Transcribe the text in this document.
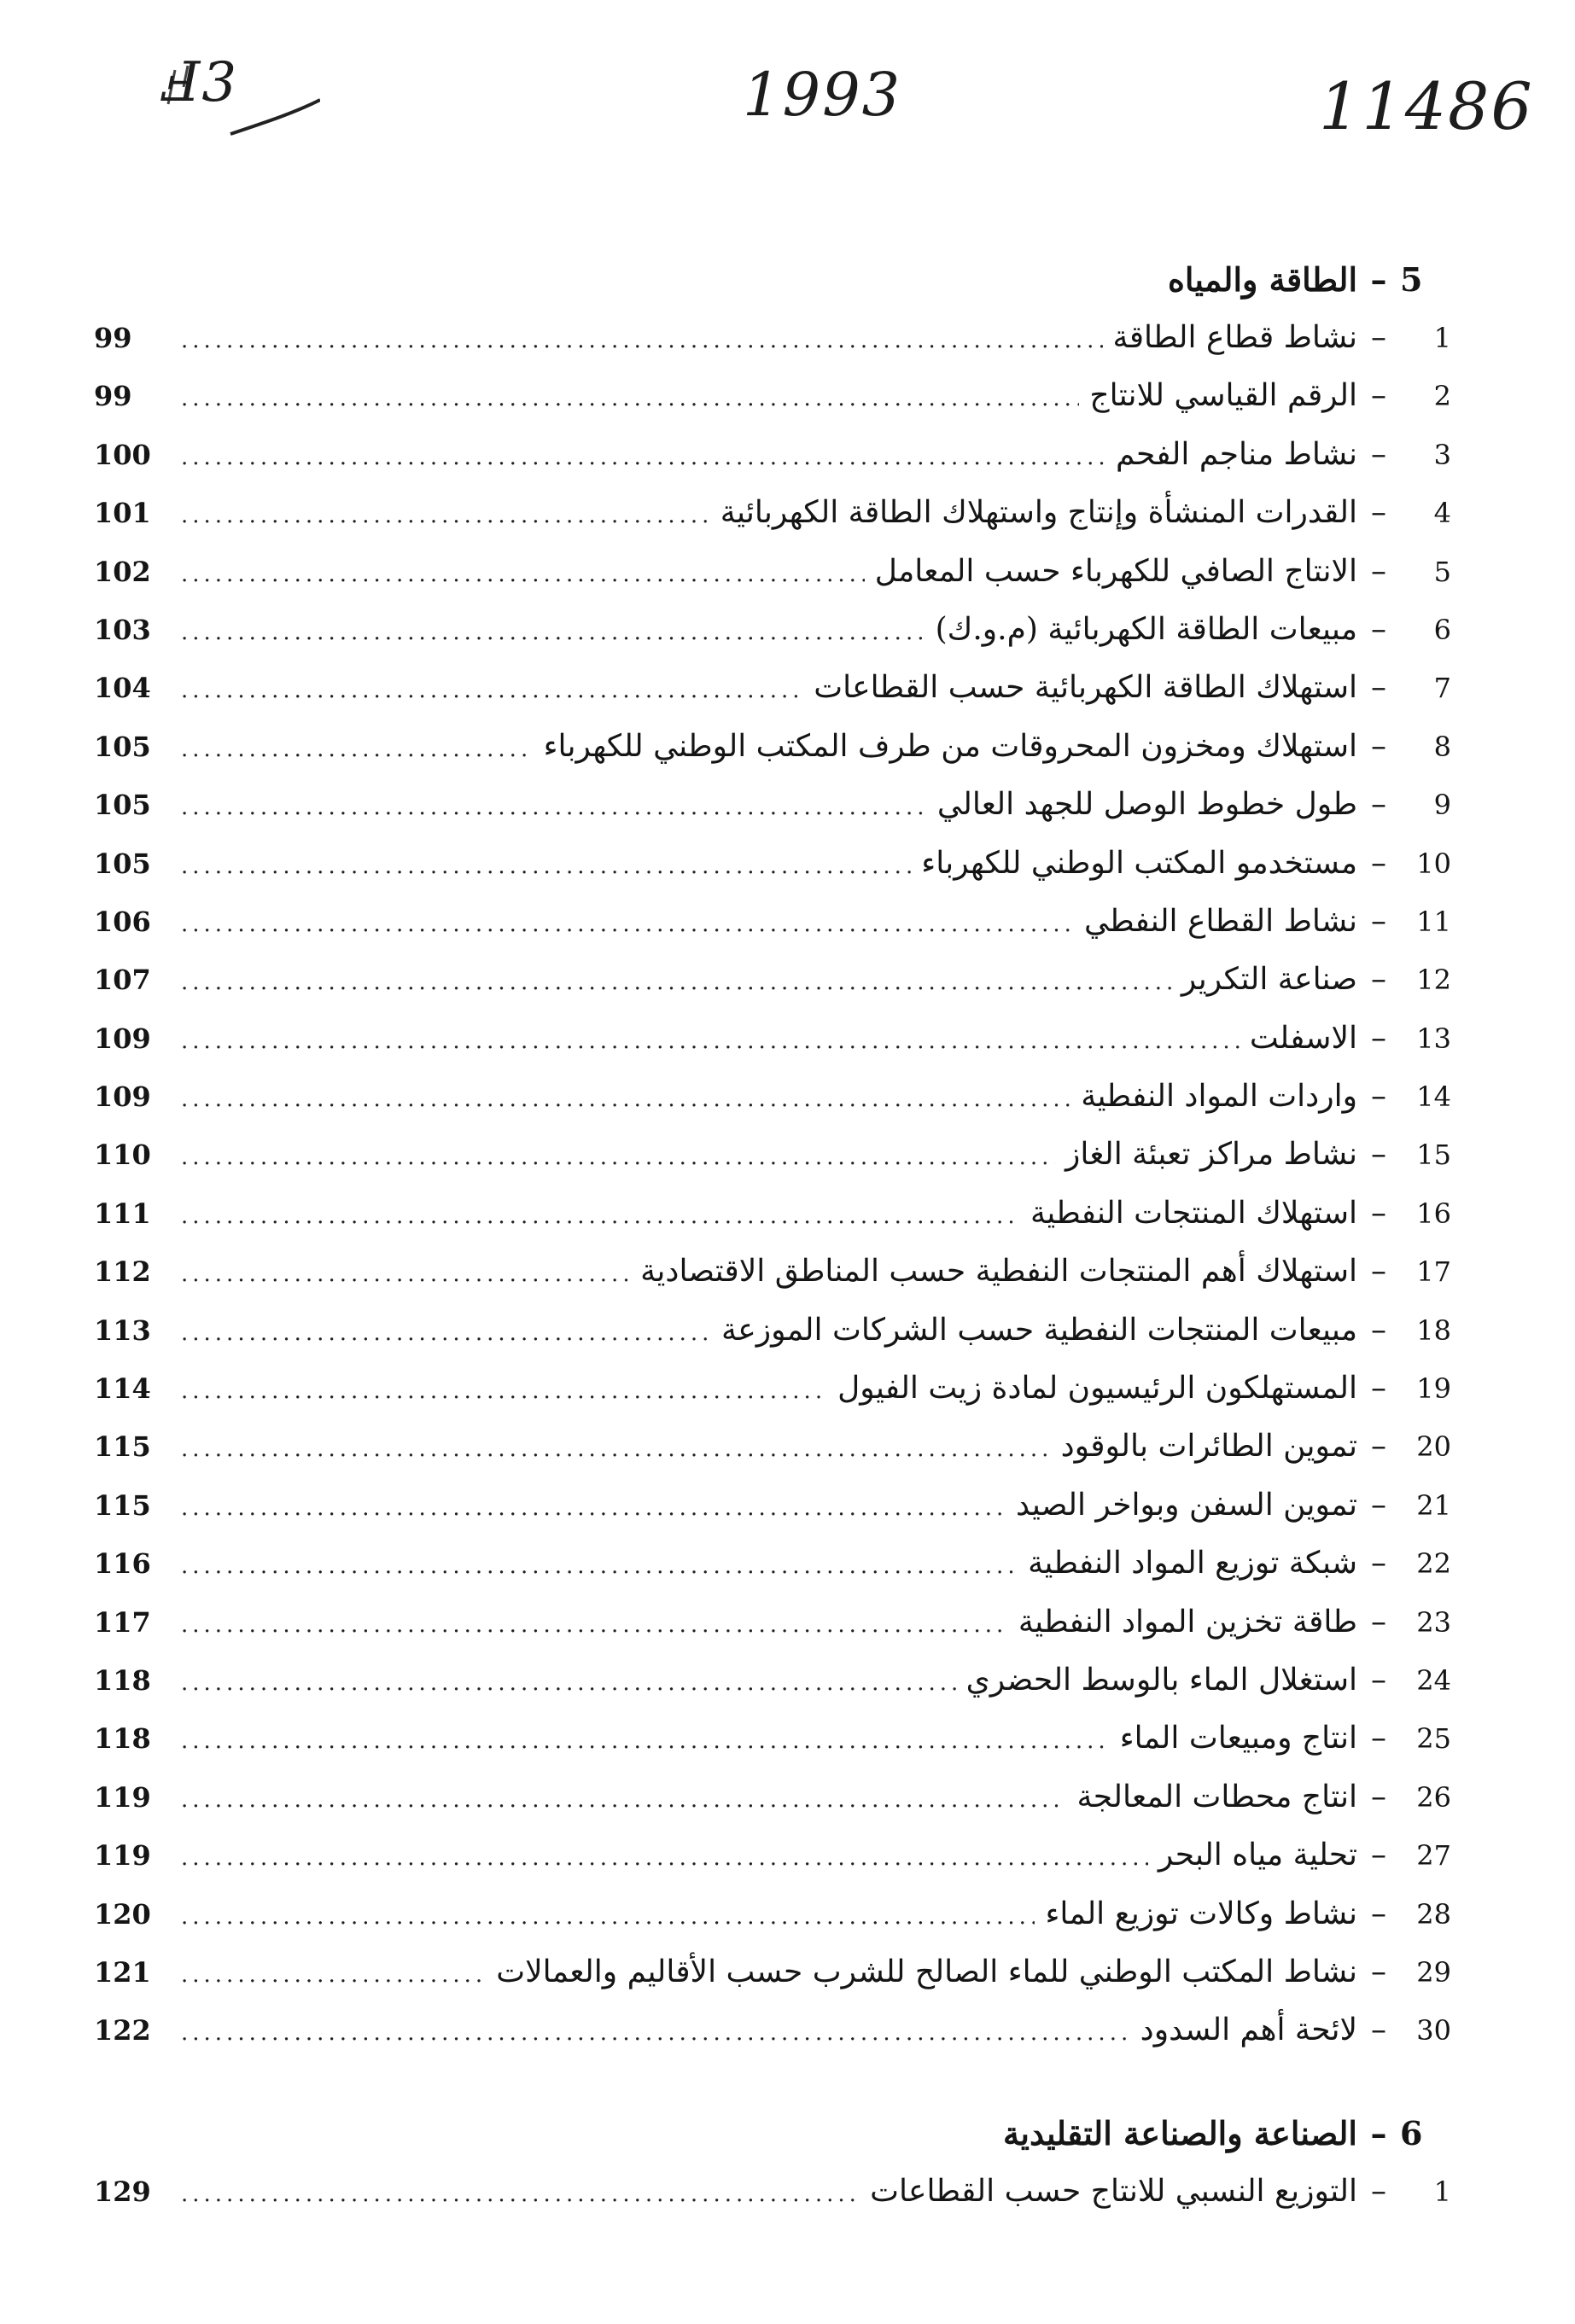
Ⅎ3	1993	11486
5
–
الطاقة والمياه
1
–
نشاط قطاع الطاقة
.....
99
2
–
الرقم القياسي للانتاج
.....
99
3
–
نشاط مناجم الفحم
.....
100
4
–
القدرات المنشأة وإنتاج واستهلاك الطاقة الكهربائية
.....
101
5
–
الانتاج الصافي للكهرباء حسب المعامل
.....
102
6
–
مبيعات الطاقة الكهربائية (م.و.ك)
.....
103
7
–
استهلاك الطاقة الكهربائية حسب القطاعات
.....
104
8
–
استهلاك ومخزون المحروقات من طرف المكتب الوطني للكهرباء
.....
105
9
–
طول خطوط الوصل للجهد العالي
.....
105
10
–
مستخدمو المكتب الوطني للكهرباء
.....
105
11
–
نشاط القطاع النفطي
.....
106
12
–
صناعة التكرير
.....
107
13
–
الاسفلت
.....
109
14
–
واردات المواد النفطية
.....
109
15
–
نشاط مراكز تعبئة الغاز
.....
110
16
–
استهلاك المنتجات النفطية
.....
111
17
–
استهلاك أهم المنتجات النفطية حسب المناطق الاقتصادية
.....
112
18
–
مبيعات المنتجات النفطية حسب الشركات الموزعة
.....
113
19
–
المستهلكون الرئيسيون لمادة زيت الفيول
.....
114
20
–
تموين الطائرات بالوقود
.....
115
21
–
تموين السفن وبواخر الصيد
.....
115
22
–
شبكة توزيع المواد النفطية
.....
116
23
–
طاقة تخزين المواد النفطية
.....
117
24
–
استغلال الماء بالوسط الحضري
.....
118
25
–
انتاج ومبيعات الماء
.....
118
26
–
انتاج محطات المعالجة
.....
119
27
–
تحلية مياه البحر
.....
119
28
–
نشاط وكالات توزيع الماء
.....
120
29
–
نشاط المكتب الوطني للماء الصالح للشرب حسب الأقاليم والعمالات
.....
121
30
–
لائحة أهم السدود
.....
122
6
–
الصناعة والصناعة التقليدية
1
–
التوزيع النسبي للانتاج حسب القطاعات
.....
129
